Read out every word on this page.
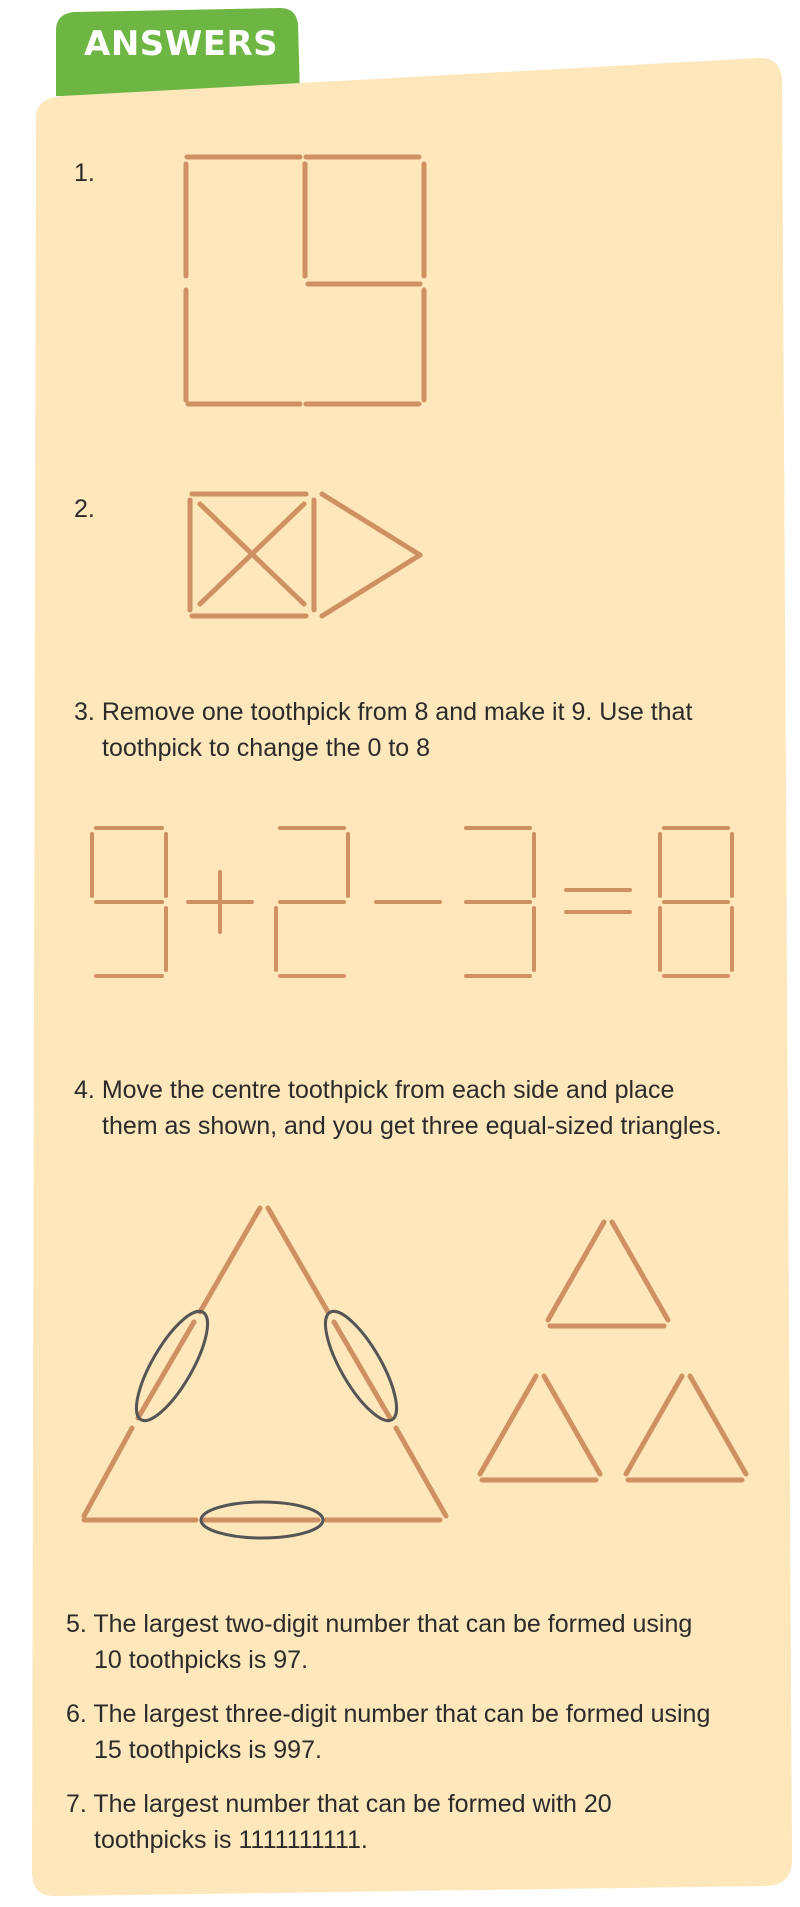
ANSWERS
1.
2.
3. Remove one toothpick from 8 and make it 9. Use that
toothpick to change the 0 to 8
4. Move the centre toothpick from each side and place
them as shown, and you get three equal-sized triangles.
5. The largest two-digit number that can be formed using
10 toothpicks is 97.
6. The largest three-digit number that can be formed using
15 toothpicks is 997.
7. The largest number that can be formed with 20
toothpicks is 1111111111.
